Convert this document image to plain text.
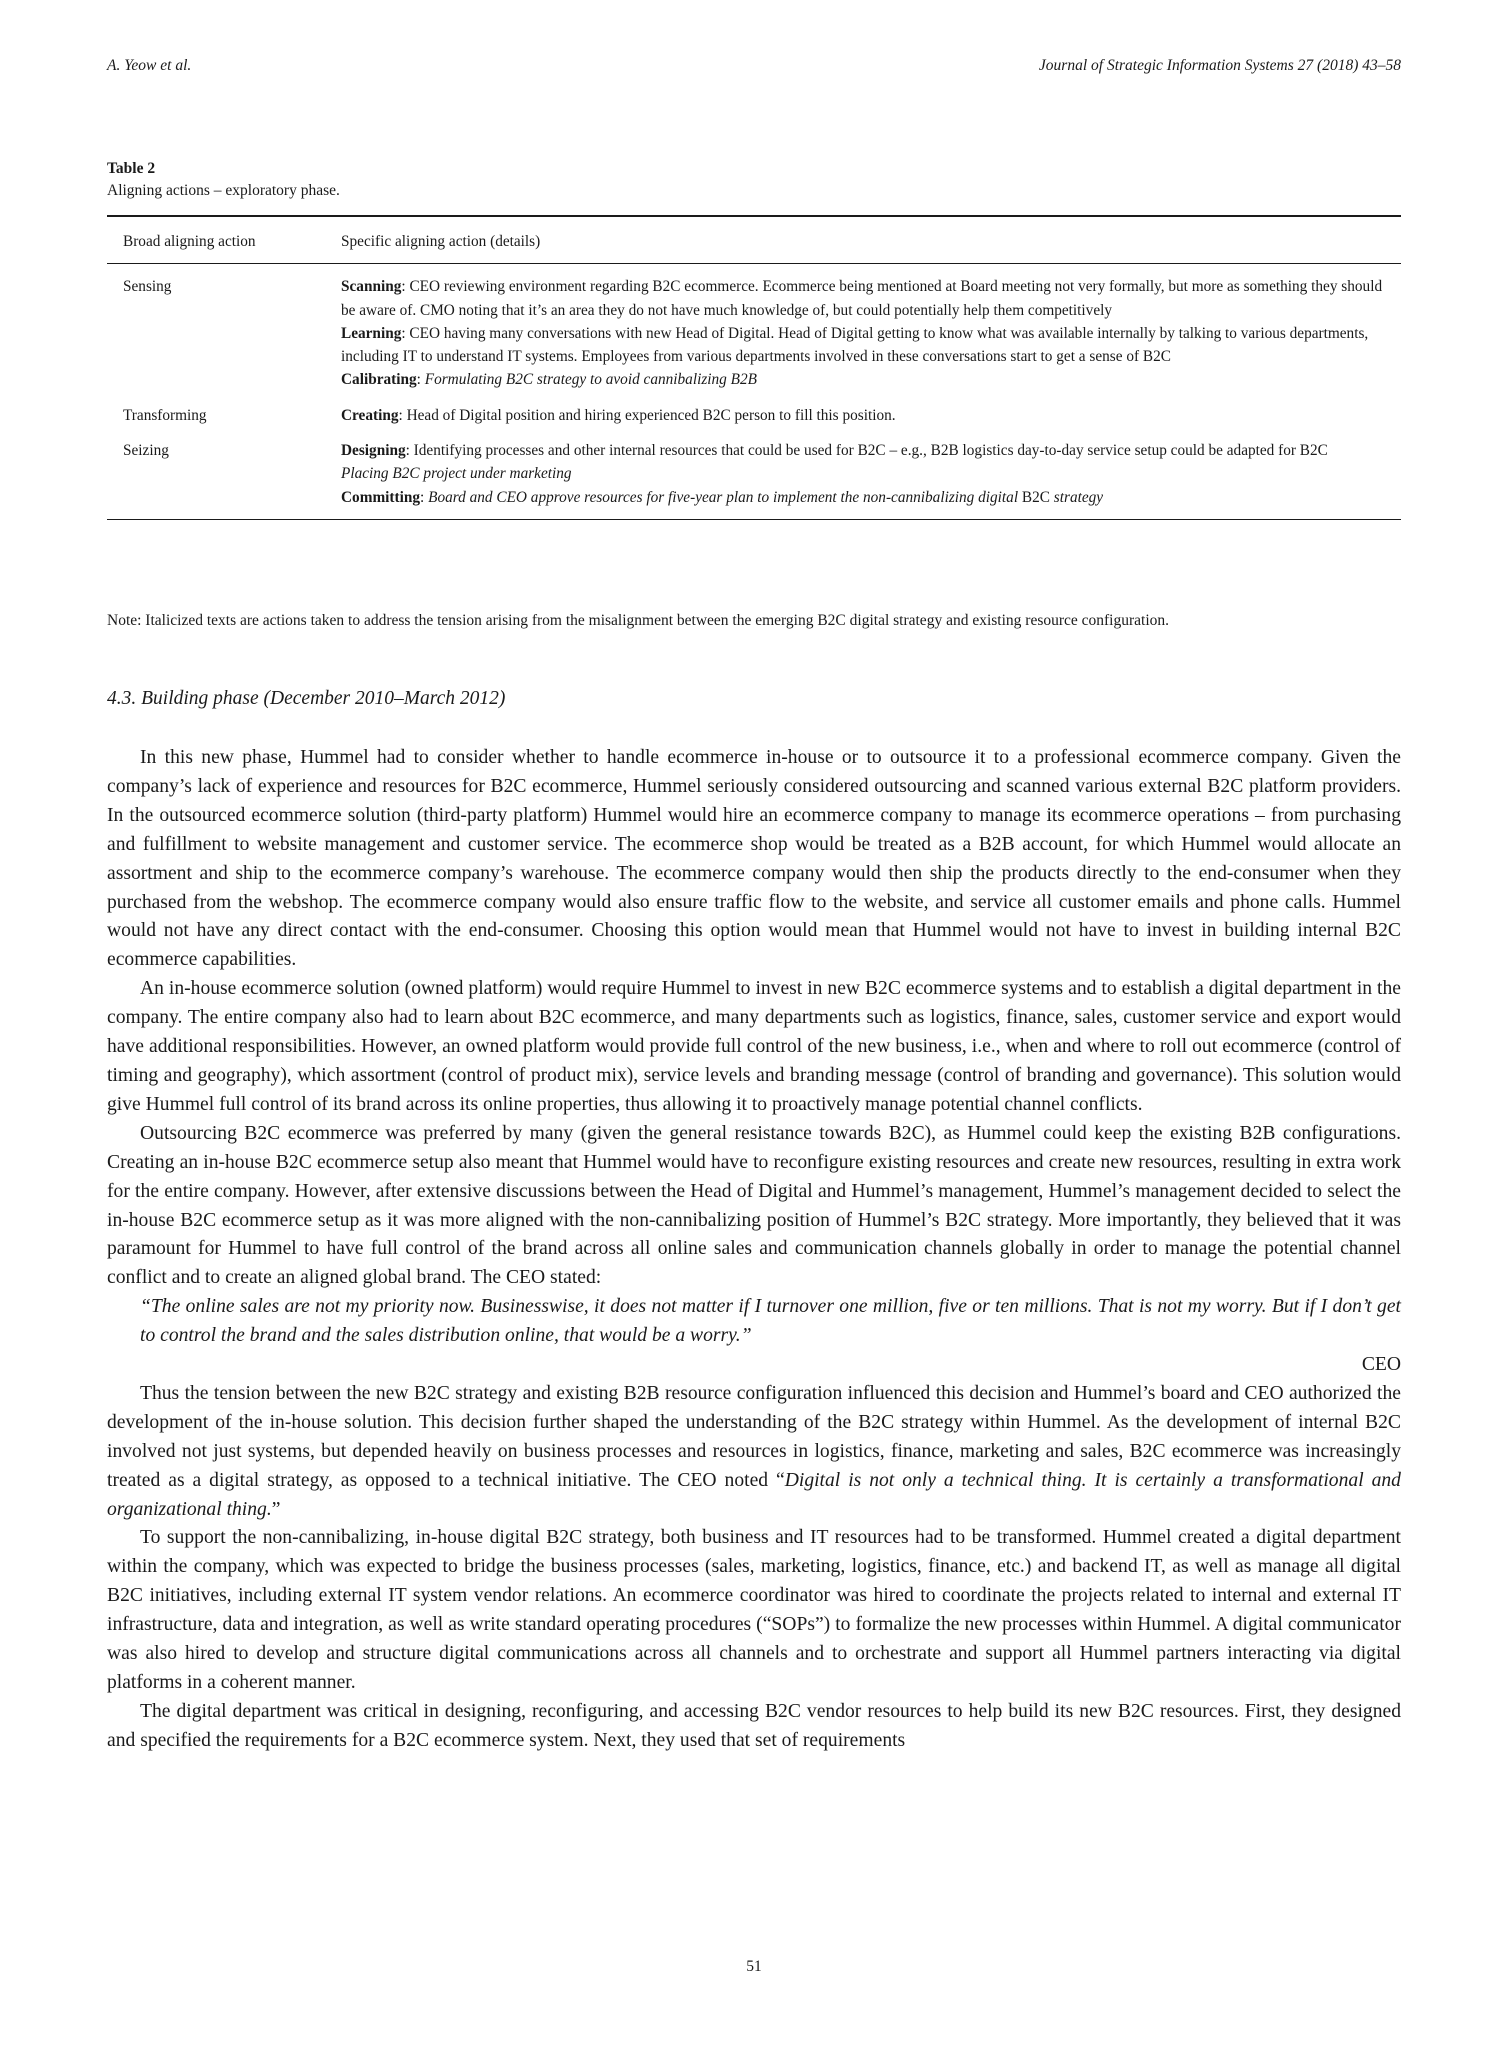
A. Yeow et al.	Journal of Strategic Information Systems 27 (2018) 43–58
Table 2
Aligning actions – exploratory phase.
Broad aligning action	Specific aligning action (details)
Sensing	Scanning: CEO reviewing environment regarding B2C ecommerce. Ecommerce being mentioned at Board meeting not very formally, but more as something they should be aware of. CMO noting that it’s an area they do not have much knowledge of, but could potentially help them competitively
Learning: CEO having many conversations with new Head of Digital. Head of Digital getting to know what was available internally by talking to various departments, including IT to understand IT systems. Employees from various departments involved in these conversations start to get a sense of B2C
Calibrating: Formulating B2C strategy to avoid cannibalizing B2B
Transforming	Creating: Head of Digital position and hiring experienced B2C person to fill this position.
Seizing	Designing: Identifying processes and other internal resources that could be used for B2C – e.g., B2B logistics day-to-day service setup could be adapted for B2C
Placing B2C project under marketing
Committing: Board and CEO approve resources for five-year plan to implement the non-cannibalizing digital B2C strategy
Note: Italicized texts are actions taken to address the tension arising from the misalignment between the emerging B2C digital strategy and existing resource configuration.
4.3. Building phase (December 2010–March 2012)

In this new phase, Hummel had to consider whether to handle ecommerce in-house or to outsource it to a professional ecommerce company. Given the company’s lack of experience and resources for B2C ecommerce, Hummel seriously considered outsourcing and scanned various external B2C platform providers. In the outsourced ecommerce solution (third-party platform) Hummel would hire an ecommerce company to manage its ecommerce operations – from purchasing and fulfillment to website management and customer service. The ecommerce shop would be treated as a B2B account, for which Hummel would allocate an assortment and ship to the ecommerce company’s warehouse. The ecommerce company would then ship the products directly to the end-consumer when they purchased from the webshop. The ecommerce company would also ensure traffic flow to the website, and service all customer emails and phone calls. Hummel would not have any direct contact with the end-consumer. Choosing this option would mean that Hummel would not have to invest in building internal B2C ecommerce capabilities.

An in-house ecommerce solution (owned platform) would require Hummel to invest in new B2C ecommerce systems and to establish a digital department in the company. The entire company also had to learn about B2C ecommerce, and many departments such as logistics, finance, sales, customer service and export would have additional responsibilities. However, an owned platform would provide full control of the new business, i.e., when and where to roll out ecommerce (control of timing and geography), which assortment (control of product mix), service levels and branding message (control of branding and governance). This solution would give Hummel full control of its brand across its online properties, thus allowing it to proactively manage potential channel conflicts.

Outsourcing B2C ecommerce was preferred by many (given the general resistance towards B2C), as Hummel could keep the existing B2B configurations. Creating an in-house B2C ecommerce setup also meant that Hummel would have to reconfigure existing resources and create new resources, resulting in extra work for the entire company. However, after extensive discussions between the Head of Digital and Hummel’s management, Hummel’s management decided to select the in-house B2C ecommerce setup as it was more aligned with the non-cannibalizing position of Hummel’s B2C strategy. More importantly, they believed that it was paramount for Hummel to have full control of the brand across all online sales and communication channels globally in order to manage the potential channel conflict and to create an aligned global brand. The CEO stated:

“The online sales are not my priority now. Businesswise, it does not matter if I turnover one million, five or ten millions. That is not my worry. But if I don’t get to control the brand and the sales distribution online, that would be a worry.”

CEO

Thus the tension between the new B2C strategy and existing B2B resource configuration influenced this decision and Hummel’s board and CEO authorized the development of the in-house solution. This decision further shaped the understanding of the B2C strategy within Hummel. As the development of internal B2C involved not just systems, but depended heavily on business processes and resources in logistics, finance, marketing and sales, B2C ecommerce was increasingly treated as a digital strategy, as opposed to a technical initiative. The CEO noted “Digital is not only a technical thing. It is certainly a transformational and organizational thing.”

To support the non-cannibalizing, in-house digital B2C strategy, both business and IT resources had to be transformed. Hummel created a digital department within the company, which was expected to bridge the business processes (sales, marketing, logistics, finance, etc.) and backend IT, as well as manage all digital B2C initiatives, including external IT system vendor relations. An ecommerce coordinator was hired to coordinate the projects related to internal and external IT infrastructure, data and integration, as well as write standard operating procedures (“SOPs”) to formalize the new processes within Hummel. A digital communicator was also hired to develop and structure digital communications across all channels and to orchestrate and support all Hummel partners interacting via digital platforms in a coherent manner.

The digital department was critical in designing, reconfiguring, and accessing B2C vendor resources to help build its new B2C resources. First, they designed and specified the requirements for a B2C ecommerce system. Next, they used that set of requirements

51
